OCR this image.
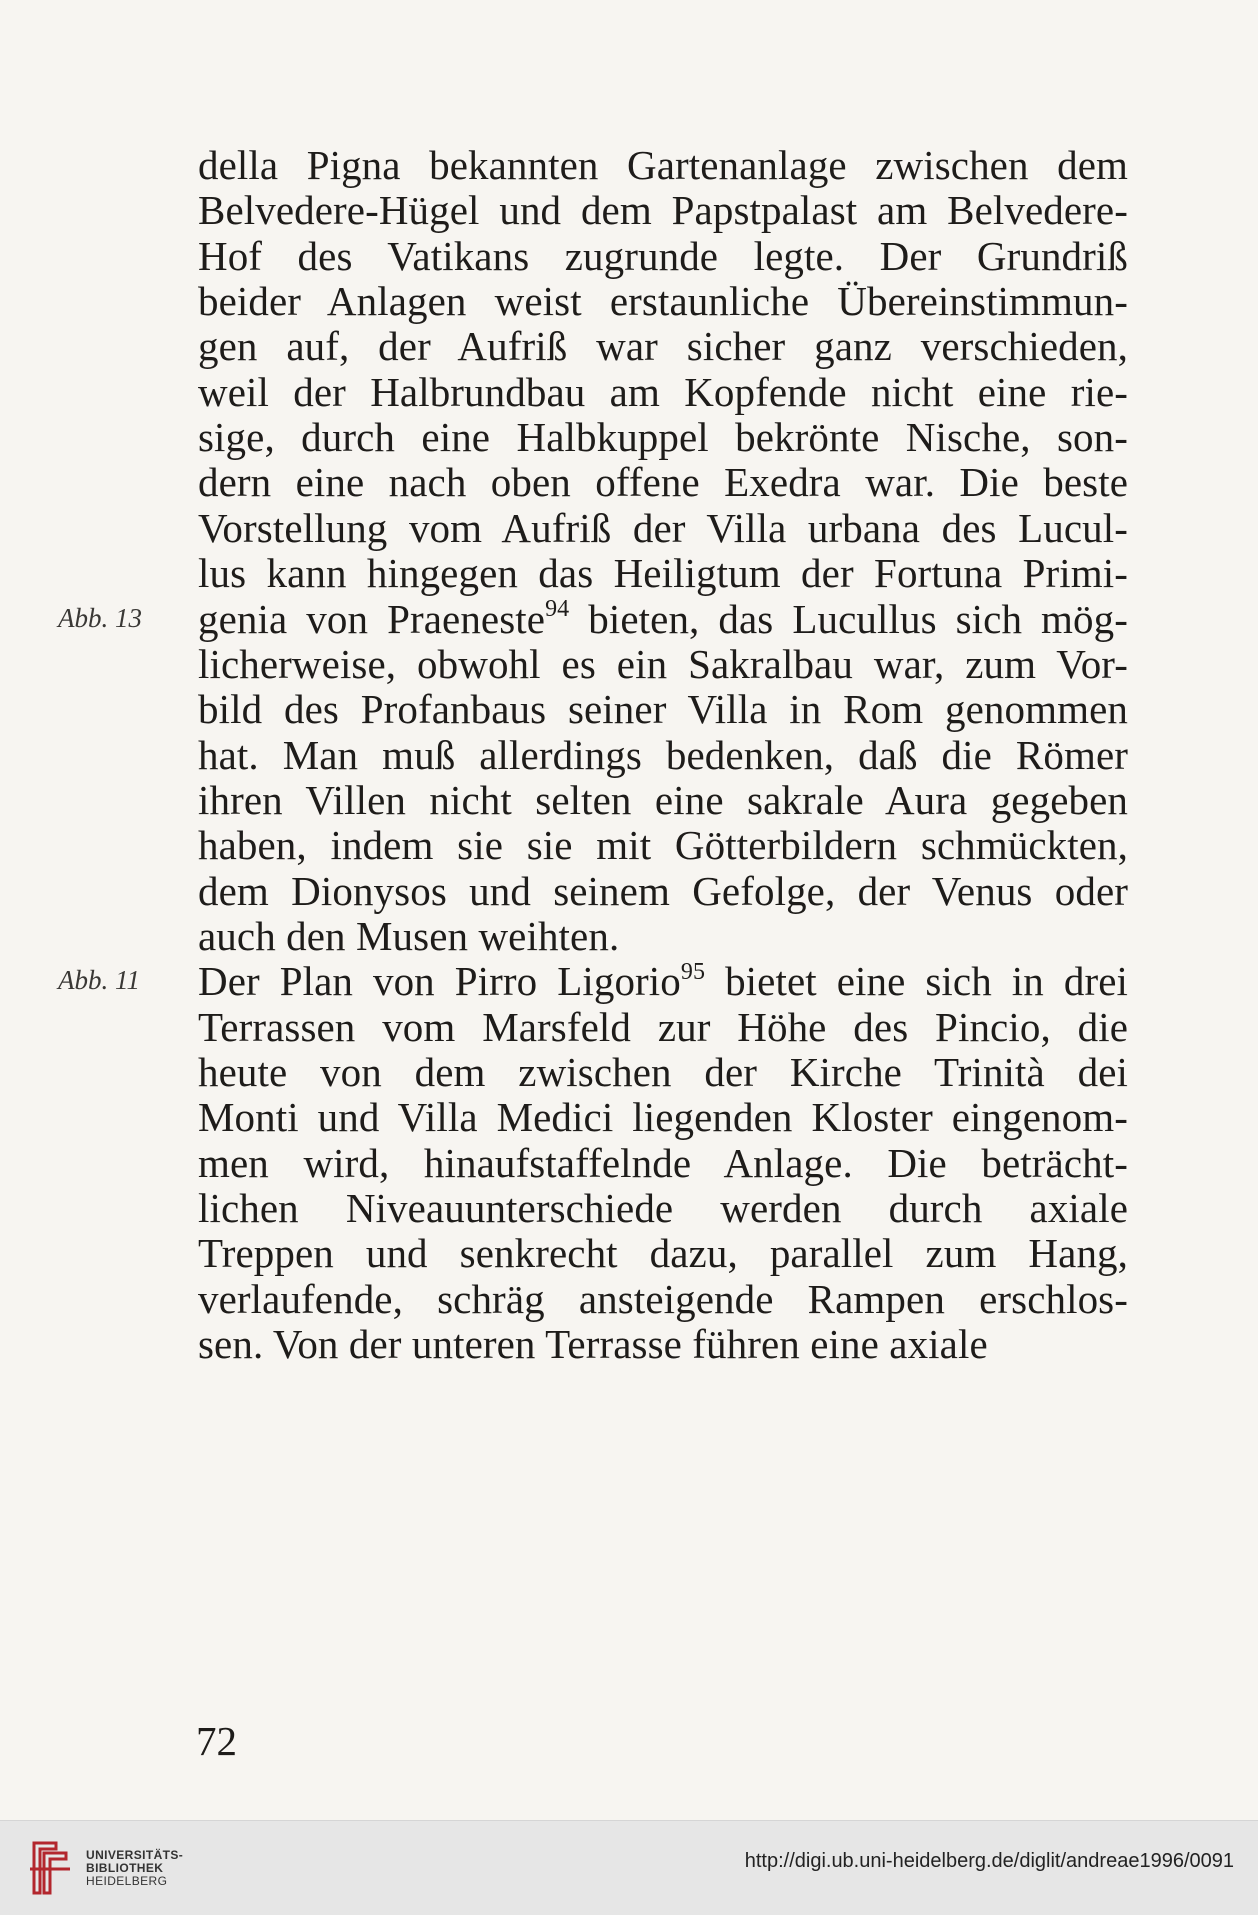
della Pigna bekannten Gartenanlage zwischen dem
Belvedere-Hügel und dem Papstpalast am Belvedere-
Hof des Vatikans zugrunde legte. Der Grundriß
beider Anlagen weist erstaunliche Übereinstimmun-
gen auf, der Aufriß war sicher ganz verschieden,
weil der Halbrundbau am Kopfende nicht eine rie-
sige, durch eine Halbkuppel bekrönte Nische, son-
dern eine nach oben offene Exedra war. Die beste
Vorstellung vom Aufriß der Villa urbana des Lucul-
lus kann hingegen das Heiligtum der Fortuna Primi-
genia von Praeneste$^{94}$ bieten, das Lucullus sich mög-
licherweise, obwohl es ein Sakralbau war, zum Vor-
bild des Profanbaus seiner Villa in Rom genommen
hat. Man muß allerdings bedenken, daß die Römer
ihren Villen nicht selten eine sakrale Aura gegeben
haben, indem sie sie mit Götterbildern schmückten,
dem Dionysos und seinem Gefolge, der Venus oder
auch den Musen weihten.
Der Plan von Pirro Ligorio$^{95}$ bietet eine sich in drei
Terrassen vom Marsfeld zur Höhe des Pincio, die
heute von dem zwischen der Kirche Trinità dei
Monti und Villa Medici liegenden Kloster eingenom-
men wird, hinaufstaffelnde Anlage. Die beträcht-
lichen Niveauunterschiede werden durch axiale
Treppen und senkrecht dazu, parallel zum Hang,
verlaufende, schräg ansteigende Rampen erschlos-
sen. Von der unteren Terrasse führen eine axiale
Abb. 13
Abb. 11
72
UNIVERSITÄTS-
BIBLIOTHEK
HEIDELBERG
http://digi.ub.uni-heidelberg.de/diglit/andreae1996/0091
